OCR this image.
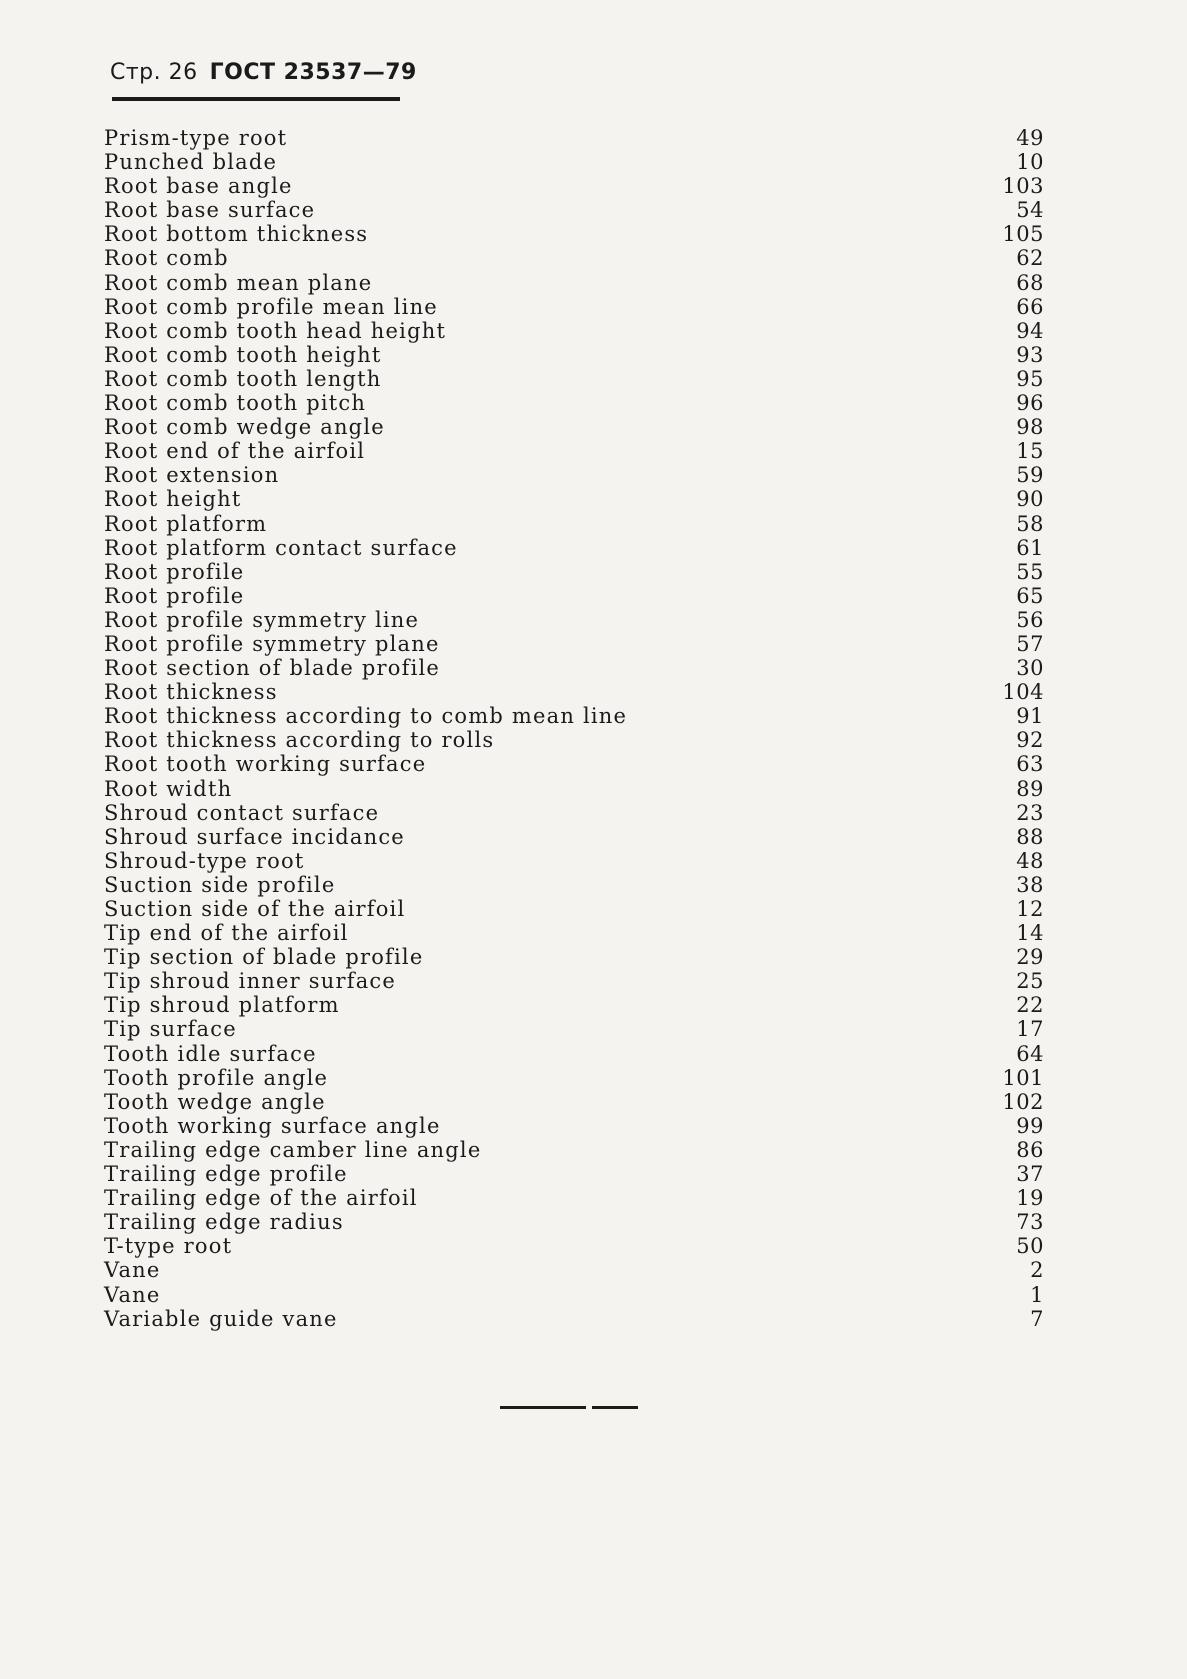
Стр. 26 ГОСТ 23537—79
Prism-type root	49
Punched blade	10
Root base angle	103
Root base surface	54
Root bottom thickness	105
Root comb	62
Root comb mean plane	68
Root comb profile mean line	66
Root comb tooth head height	94
Root comb tooth height	93
Root comb tooth length	95
Root comb tooth pitch	96
Root comb wedge angle	98
Root end of the airfoil	15
Root extension	59
Root height	90
Root platform	58
Root platform contact surface	61
Root profile	55
Root profile	65
Root profile symmetry line	56
Root profile symmetry plane	57
Root section of blade profile	30
Root thickness	104
Root thickness according to comb mean line	91
Root thickness according to rolls	92
Root tooth working surface	63
Root width	89
Shroud contact surface	23
Shroud surface incidance	88
Shroud-type root	48
Suction side profile	38
Suction side of the airfoil	12
Tip end of the airfoil	14
Tip section of blade profile	29
Tip shroud inner surface	25
Tip shroud platform	22
Tip surface	17
Tooth idle surface	64
Tooth profile angle	101
Tooth wedge angle	102
Tooth working surface angle	99
Trailing edge camber line angle	86
Trailing edge profile	37
Trailing edge of the airfoil	19
Trailing edge radius	73
T-type root	50
Vane	2
Vane	1
Variable guide vane	7
